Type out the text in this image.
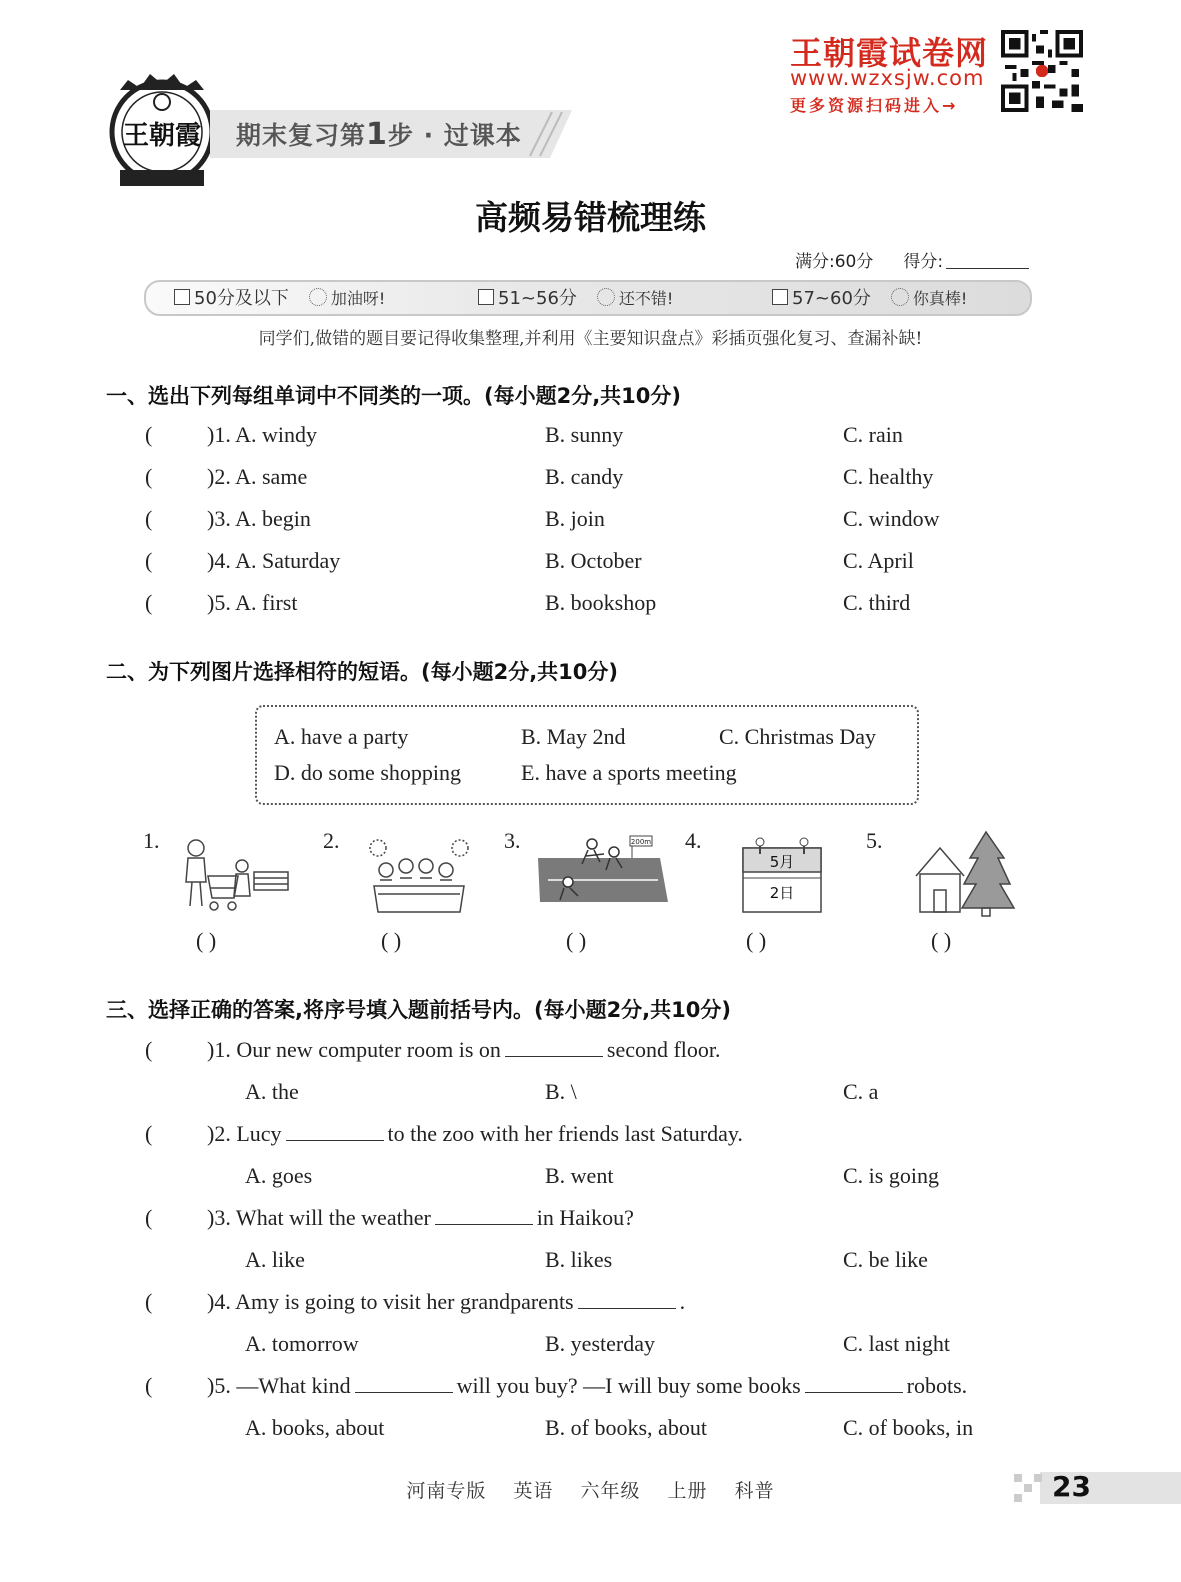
王朝霞 期末复习第1步 · 过课本
王朝霞试卷网
www.wzxsjw.com
更多资源扫码进入→
高频易错梳理练
满分:60分 得分:
50分及以下	加油呀!	51~56分	还不错!	57~60分	你真棒!
同学们,做错的题目要记得收集整理,并利用《主要知识盘点》彩插页强化复习、查漏补缺!
一、选出下列每组单词中不同类的一项。(每小题2分,共10分)
( )1. A. windy	B. sunny	C. rain
( )2. A. same	B. candy	C. healthy
( )3. A. begin	B. join	C. window
( )4. A. Saturday	B. October	C. April
( )5. A. first	B. bookshop	C. third
二、为下列图片选择相符的短语。(每小题2分,共10分)
A. have a party	B. May 2nd	C. Christmas Day
D. do some shopping	E. have a sports meeting
1.	2.	3.	4.	5.
200m
5月
2日
( )	( )	( )	( )	( )
三、选择正确的答案,将序号填入题前括号内。(每小题2分,共10分)
( )1. Our new computer room is on	second floor.
A. the	B. \	C. a
( )2. Lucy	to the zoo with her friends last Saturday.
A. goes	B. went	C. is going
( )3. What will the weather	in Haikou?
A. like	B. likes	C. be like
( )4. Amy is going to visit her grandparents	.
A. tomorrow	B. yesterday	C. last night
( )5. —What kind	will you buy? —I will buy some books	robots.
A. books, about	B. of books, about	C. of books, in
河南专版 英语 六年级 上册 科普	23
